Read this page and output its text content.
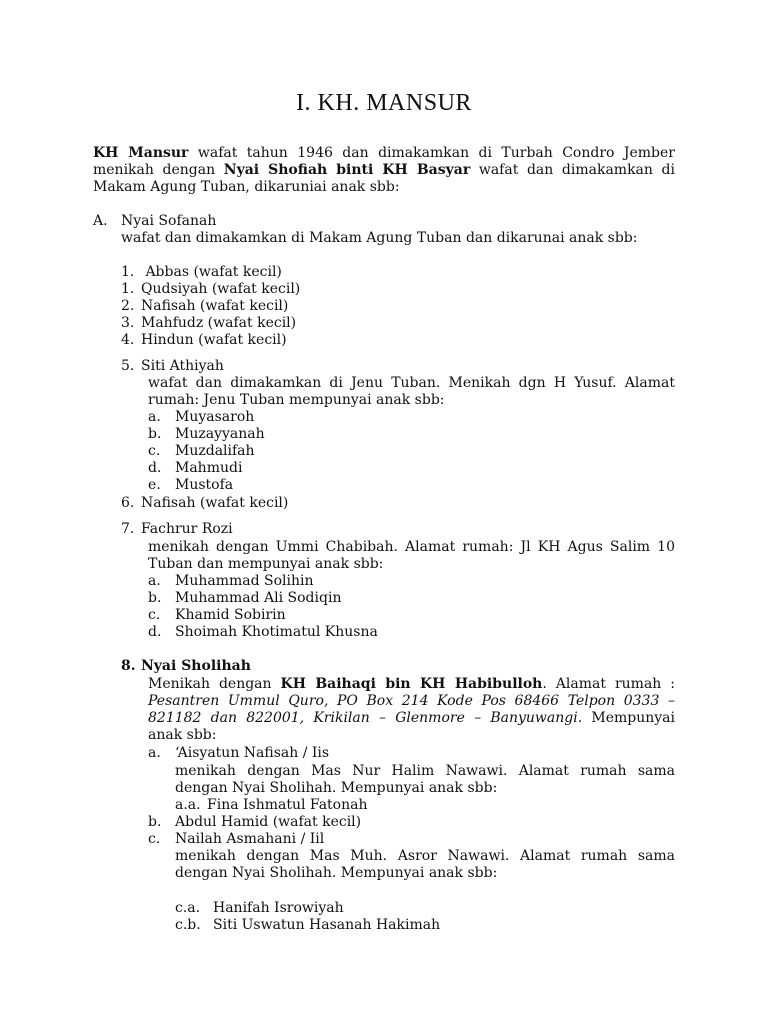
I. KH. MANSUR

KH Mansur wafat tahun 1946 dan dimakamkan di Turbah Condro Jember menikah dengan Nyai Shofiah binti KH Basyar wafat dan dimakamkan di Makam Agung Tuban, dikaruniai anak sbb:

A. Nyai Sofanah

wafat dan dimakamkan di Makam Agung Tuban dan dikarunai anak sbb:

1. Abbas (wafat kecil)
1. Qudsiyah (wafat kecil)
2. Nafisah (wafat kecil)
3. Mahfudz (wafat kecil)
4. Hindun (wafat kecil)
5. Siti Athiyah

wafat dan dimakamkan di Jenu Tuban. Menikah dgn H Yusuf. Alamat rumah: Jenu Tuban mempunyai anak sbb:

a.	Muyasaroh
b. Muzayyanah
c.	Muzdalifah
d. Mahmudi
e.	Mustofa
6. Nafisah (wafat kecil)
7. Fachrur Rozi

menikah dengan Ummi Chabibah. Alamat rumah: Jl KH Agus Salim 10 Tuban dan mempunyai anak sbb:

a.	Muhammad Solihin
b. Muhammad Ali Sodiqin
c.	Khamid Sobirin
d. Shoimah Khotimatul Khusna
8. Nyai Sholihah

Menikah dengan KH Baihaqi bin KH Habibulloh. Alamat rumah : Pesantren Ummul Quro, PO Box 214 Kode Pos 68466 Telpon 0333 – 821182 dan 822001, Krikilan – Glenmore – Banyuwangi. Mempunyai anak sbb:

a.	‘Aisyatun Nafisah / Iis

menikah dengan Mas Nur Halim Nawawi. Alamat rumah sama dengan Nyai Sholihah. Mempunyai anak sbb:

a.a. Fina Ishmatul Fatonah
b. Abdul Hamid (wafat kecil)
c.	Nailah Asmahani / Iil

menikah dengan Mas Muh. Asror Nawawi. Alamat rumah sama dengan Nyai Sholihah. Mempunyai anak sbb:

c.a. Hanifah Isrowiyah
c.b. Siti Uswatun Hasanah Hakimah
